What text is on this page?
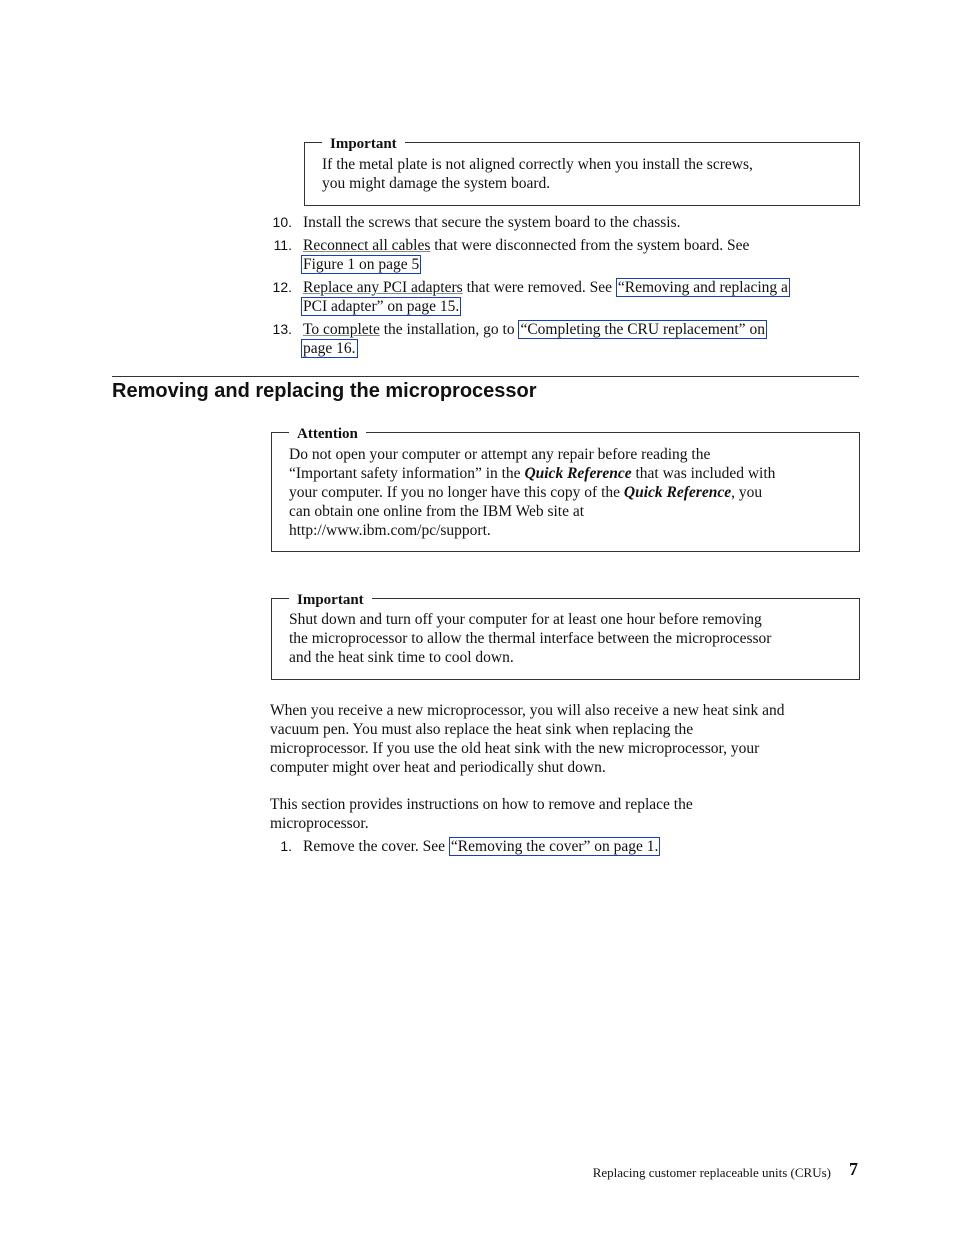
Important
If the metal plate is not aligned correctly when you install the screws,
you might damage the system board.
10. Install the screws that secure the system board to the chassis.
11. Reconnect all cables that were disconnected from the system board. See
Figure 1 on page 5
12. Replace any PCI adapters that were removed. See “Removing and replacing a
PCI adapter” on page 15.
13. To complete the installation, go to “Completing the CRU replacement” on
page 16.
Removing and replacing the microprocessor
Attention
Do not open your computer or attempt any repair before reading the
“Important safety information” in the Quick Reference that was included with
your computer. If you no longer have this copy of the Quick Reference, you
can obtain one online from the IBM Web site at
http://www.ibm.com/pc/support.
Important
Shut down and turn off your computer for at least one hour before removing
the microprocessor to allow the thermal interface between the microprocessor
and the heat sink time to cool down.
When you receive a new microprocessor, you will also receive a new heat sink and
vacuum pen. You must also replace the heat sink when replacing the
microprocessor. If you use the old heat sink with the new microprocessor, your
computer might over heat and periodically shut down.
This section provides instructions on how to remove and replace the
microprocessor.
1. Remove the cover. See “Removing the cover” on page 1.
Replacing customer replaceable units (CRUs) 7
